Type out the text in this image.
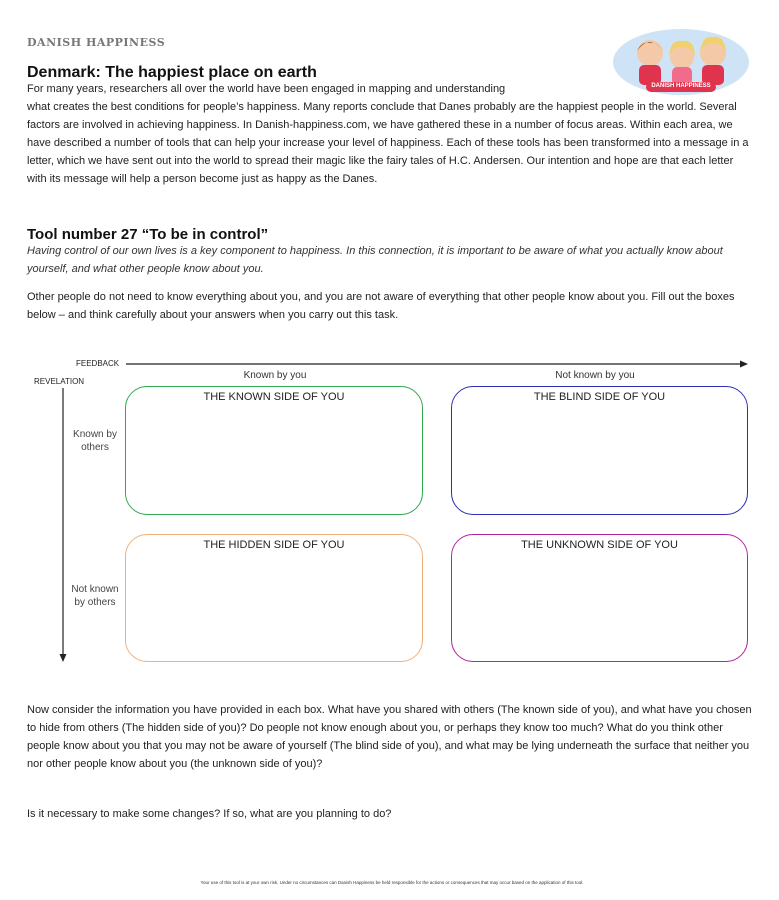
DANISH HAPPINESS
DANISH HAPPINESS
Denmark: The happiest place on earth
For many years, researchers all over the world have been engaged in mapping and understanding
what creates the best conditions for people’s happiness. Many reports conclude that Danes probably are the happiest people in the world. Several factors are involved in achieving happiness. In Danish-happiness.com, we have gathered these in a number of focus areas. Within each area, we have described a number of tools that can help your increase your level of happiness. Each of these tools has been transformed into a message in a letter, which we have sent out into the world to spread their magic like the fairy tales of H.C. Andersen. Our intention and hope are that each letter with its message will help a person become just as happy as the Danes.
Tool number 27 “To be in control”
Having control of our own lives is a key component to happiness. In this connection, it is important to be aware of what you actually know about yourself, and what other people know about you.
Other people do not need to know everything about you, and you are not aware of everything that other people know about you. Fill out the boxes below – and think carefully about your answers when you carry out this task.
FEEDBACK
REVELATION
Known by you	Not known by you
Known by
others
Not known
by others
THE KNOWN SIDE OF YOU	THE BLIND SIDE OF YOU
THE HIDDEN SIDE OF YOU	THE UNKNOWN SIDE OF YOU
Now consider the information you have provided in each box. What have you shared with others (The known side of you), and what have you chosen to hide from others (The hidden side of you)? Do people not know enough about you, or perhaps they know too much? What do you think other people know about you that you may not be aware of yourself (The blind side of you), and what may be lying underneath the surface that neither you nor other people know about you (the unknown side of you)?
Is it necessary to make some changes? If so, what are you planning to do?
Your use of this tool is at your own risk. Under no circumstances can Danish Happiness be held responsible for the actions or consequences that may occur based on the application of this tool.
